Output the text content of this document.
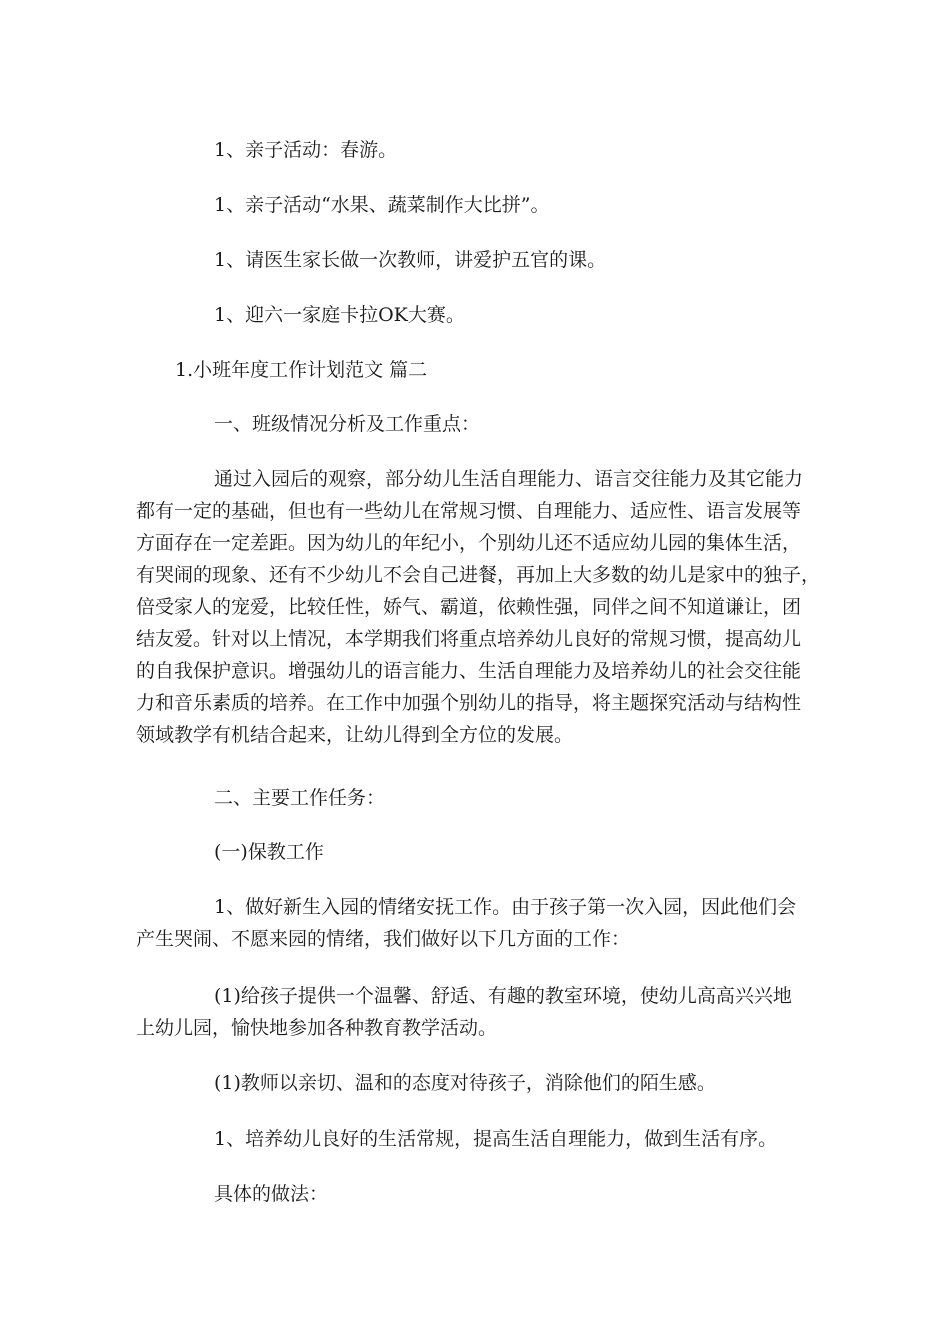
1、亲子活动：春游。

1、亲子活动“水果、蔬菜制作大比拼”。

1、请医生家长做一次教师，讲爱护五官的课。

1、迎六一家庭卡拉OK大赛。

1.小班年度工作计划范文 篇二

一、班级情况分析及工作重点：

通过入园后的观察，部分幼儿生活自理能力、语言交往能力及其它能力
都有一定的基础，但也有一些幼儿在常规习惯、自理能力、适应性、语言发展等
方面存在一定差距。因为幼儿的年纪小，个别幼儿还不适应幼儿园的集体生活，
有哭闹的现象、还有不少幼儿不会自己进餐，再加上大多数的幼儿是家中的独子，
倍受家人的宠爱，比较任性，娇气、霸道，依赖性强，同伴之间不知道谦让，团
结友爱。针对以上情况，本学期我们将重点培养幼儿良好的常规习惯，提高幼儿
的自我保护意识。增强幼儿的语言能力、生活自理能力及培养幼儿的社会交往能
力和音乐素质的培养。在工作中加强个别幼儿的指导，将主题探究活动与结构性
领域教学有机结合起来，让幼儿得到全方位的发展。

二、主要工作任务：

(一)保教工作

1、做好新生入园的情绪安抚工作。由于孩子第一次入园，因此他们会
产生哭闹、不愿来园的情绪，我们做好以下几方面的工作：
(1)给孩子提供一个温馨、舒适、有趣的教室环境，使幼儿高高兴兴地
上幼儿园，愉快地参加各种教育教学活动。

(1)教师以亲切、温和的态度对待孩子，消除他们的陌生感。

1、培养幼儿良好的生活常规，提高生活自理能力，做到生活有序。

具体的做法：
